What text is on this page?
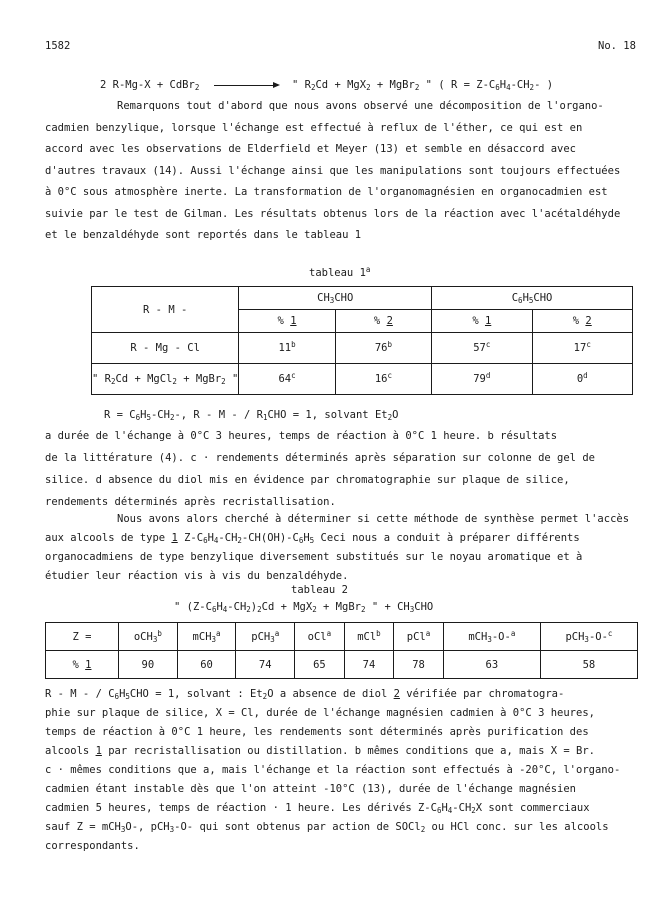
1582	No. 18
2 R-Mg-X + CdBr$_2$	" $R_2Cd + MgX_2$ + MgBr$_2$ " ( $R = Z-C_6H_4-CH_2-$ )
Remarquons tout d'abord que nous avons observé une décomposition de l'organo-
cadmien benzylique, lorsque l'échange est effectué à reflux de l'éther, ce qui est en
accord avec les observations de Elderfield et Meyer (13) et semble en désaccord avec
d'autres travaux (14). Aussi l'échange ainsi que les manipulations sont toujours effectuées
à 0°C sous atmosphère inerte. La transformation de l'organomagnésien en organocadmien est
suivie par le test de Gilman. Les résultats obtenus lors de la réaction avec l'acétaldéhyde
et le benzaldéhyde sont reportés dans le tableau 1
tableau 1$^a$
R - M -	$CH_3CHO$		$C_6H_5CHO$	
	% 1	% 2	% 1	% 2
R - Mg - Cl	11$^b$	76$^b$	57$^c$	17$^c$
" $R_2Cd$ + MgCl$_2$ + MgBr$_2$ "	64$^c$	16$^c$	79$^d$	0$^d$
$R = C_6H_5-CH_2-$, R - M - / $R_1CHO = 1$, solvant $Et_2O$
a durée de l'échange à 0°C 3 heures, temps de réaction à 0°C 1 heure. b résultats
de la littérature (4). c · rendements déterminés après séparation sur colonne de gel de
silice. d absence du diol mis en évidence par chromatographie sur plaque de silice,
rendements déterminés après recristallisation.
Nous avons alors cherché à déterminer si cette méthode de synthèse permet l'accès
aux alcools de type 1 $Z-C_6H_4-CH_2-CH(OH)-C_6H_5$ Ceci nous a conduit à préparer différents
organocadmiens de type benzylique diversement substitués sur le noyau aromatique et à
étudier leur réaction vis à vis du benzaldéhyde.
tableau 2
" $(Z-C_6H_4-CH_2)_2Cd + MgX_2$ + MgBr$_2$ " + $CH_3CHO$
Z =	oCH$_3^b$	mCH$_3^a$	pCH$_3^a$	oCl$^a$	mCl$^b$	pCl$^a$	mCH$_3$-O-$^a$	pCH$_3$-O-$^c$
% 1	90	60	74	65	74	78	63	58
R - M - / $C_6H_5CHO = 1$, solvant : $Et_2O$ a absence de diol 2 vérifiée par chromatogra-
phie sur plaque de silice, X = Cl, durée de l'échange magnésien cadmien à 0°C 3 heures,
temps de réaction à 0°C 1 heure, les rendements sont déterminés après purification des
alcools 1 par recristallisation ou distillation. b mêmes conditions que a, mais X = Br.
c · mêmes conditions que a, mais l'échange et la réaction sont effectués à -20°C, l'organo-
cadmien étant instable dès que l'on atteint -10°C (13), durée de l'échange magnésien
cadmien 5 heures, temps de réaction · 1 heure. Les dérivés $Z-C_6H_4-CH_2X$ sont commerciaux
sauf Z = mCH$_3$O-, pCH$_3$-O- qui sont obtenus par action de SOCl$_2$ ou HCl conc. sur les alcools
correspondants.
